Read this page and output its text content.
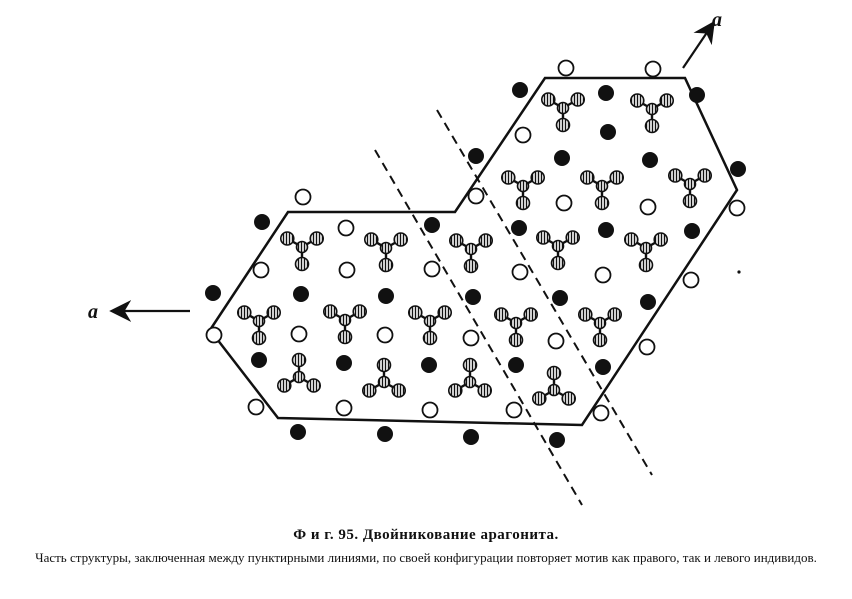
a
a
Ф и г. 95. Двойникование арагонита.
Часть структуры, заключенная между пунктирными линиями, по своей конфигурации повторяет мотив как правого, так и левого индивидов.
